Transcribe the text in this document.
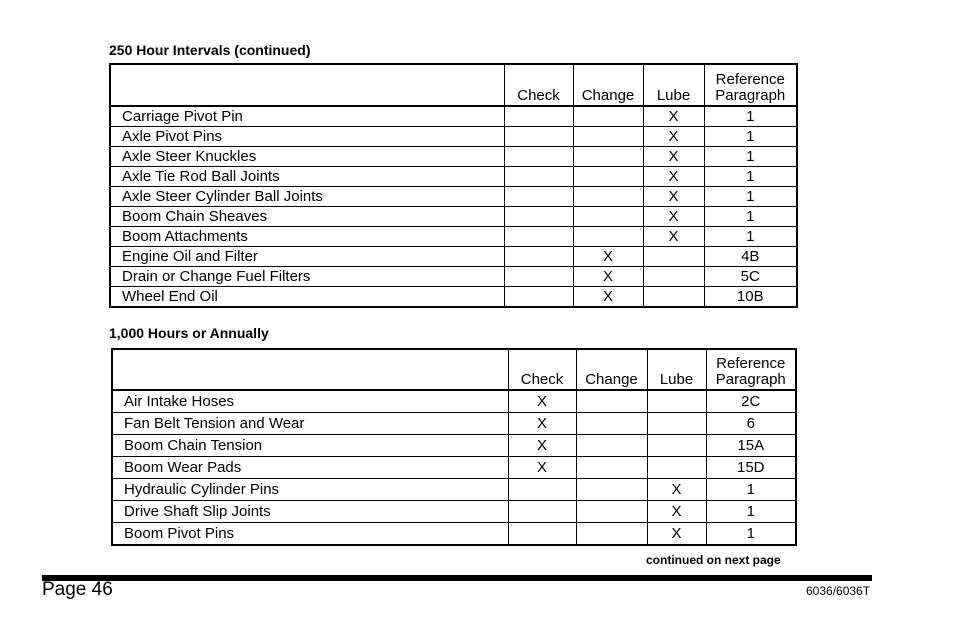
250 Hour Intervals (continued)
	Check	Change	Lube	Reference
Paragraph
Carriage Pivot Pin			X	1
Axle Pivot Pins			X	1
Axle Steer Knuckles			X	1
Axle Tie Rod Ball Joints			X	1
Axle Steer Cylinder Ball Joints			X	1
Boom Chain Sheaves			X	1
Boom Attachments			X	1
Engine Oil and Filter		X		4B
Drain or Change Fuel Filters		X		5C
Wheel End Oil		X		10B
1,000 Hours or Annually
	Check	Change	Lube	Reference
Paragraph
Air Intake Hoses	X			2C
Fan Belt Tension and Wear	X			6
Boom Chain Tension	X			15A
Boom Wear Pads	X			15D
Hydraulic Cylinder Pins			X	1
Drive Shaft Slip Joints			X	1
Boom Pivot Pins			X	1
continued on next page
Page 46	6036/6036T
